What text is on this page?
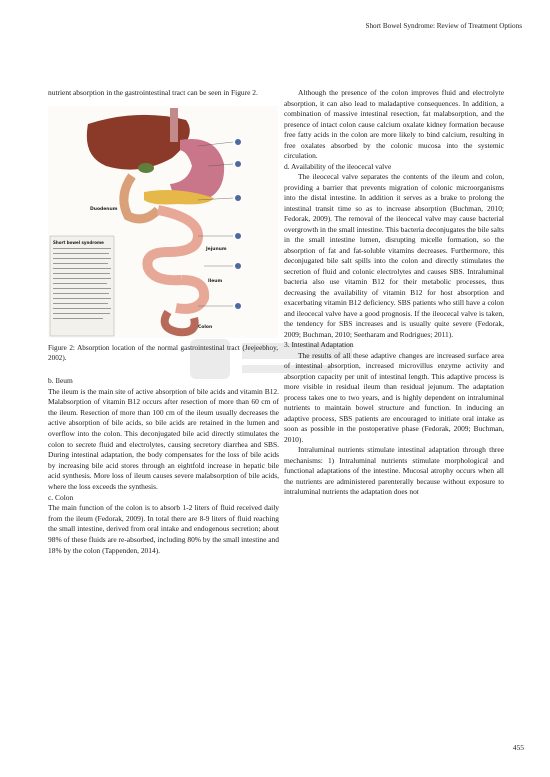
Short Bowel Syndrome: Review of Treatment Options

nutrient absorption in the gastrointestinal tract can be seen in Figure 2.

Duodenum
Jejunum
Ileum
Colon
Short bowel syndrome
Figure 2: Absorption location of the normal gastrointestinal tract (Jeejeebhoy, 2002).

b. Ileum

The ileum is the main site of active absorption of bile acids and vitamin B12. Malabsorption of vitamin B12 occurs after resection of more than 60 cm of the ileum. Resection of more than 100 cm of the ileum usually decreases the active absorption of bile acids, so bile acids are retained in the lumen and overflow into the colon. This deconjugated bile acid directly stimulates the colon to secrete fluid and electrolytes, causing secretory diarrhea and SBS. During intestinal adaptation, the body compensates for the loss of bile acids by increasing bile acid stores through an eightfold increase in hepatic bile acid synthesis. More loss of ileum causes severe malabsorption of bile acids, where the loss exceeds the synthesis.

c. Colon

The main function of the colon is to absorb 1-2 liters of fluid received daily from the ileum (Fedorak, 2009). In total there are 8-9 liters of fluid reaching the small intestine, derived from oral intake and endogenous secretion; about 98% of these fluids are re-absorbed, including 80% by the small intestine and 18% by the colon (Tappenden, 2014).

Although the presence of the colon improves fluid and electrolyte absorption, it can also lead to maladaptive consequences. In addition, a combination of massive intestinal resection, fat malabsorption, and the presence of intact colon cause calcium oxalate kidney formation because free fatty acids in the colon are more likely to bind calcium, resulting in free oxalates absorbed by the colonic mucosa into the systemic circulation.

d. Availability of the ileocecal valve

The ileocecal valve separates the contents of the ileum and colon, providing a barrier that prevents migration of colonic microorganisms into the distal intestine. In addition it serves as a brake to prolong the intestinal transit time so as to increase absorption (Buchman, 2010; Fedorak, 2009). The removal of the ileocecal valve may cause bacterial overgrowth in the small intestine. This bacteria deconjugates the bile salts in the small intestine lumen, disrupting micelle formation, so the absorption of fat and fat-soluble vitamins decreases. Furthermore, this deconjugated bile salt spills into the colon and directly stimulates the secretion of fluid and colonic electrolytes and causes SBS. Intraluminal bacteria also use vitamin B12 for their metabolic processes, thus decreasing the availability of vitamin B12 for host absorption and exacerbating vitamin B12 deficiency. SBS patients who still have a colon and ileocecal valve have a good prognosis. If the ileocecal valve is taken, the tendency for SBS increases and is usually quite severe (Fedorak, 2009; Buchman, 2010; Seetharam and Rodrigues; 2011).

3. Intestinal Adaptation

The results of all these adaptive changes are increased surface area of intestinal absorption, increased microvillus enzyme activity and absorption capacity per unit of intestinal length. This adaptive process is more visible in residual ileum than residual jejunum. The adaptation process takes one to two years, and is highly dependent on intraluminal nutrients to maintain bowel structure and function. In inducing an adaptive process, SBS patients are encouraged to initiate oral intake as soon as possible in the postoperative phase (Fedorak, 2009; Buchman, 2010).

Intraluminal nutrients stimulate intestinal adaptation through three mechanisms: 1) Intraluminal nutrients stimulate morphological and functional adaptations of the intestine. Mucosal atrophy occurs when all the nutrients are administered parenterally because without exposure to intraluminal nutrients the adaptation does not

455
